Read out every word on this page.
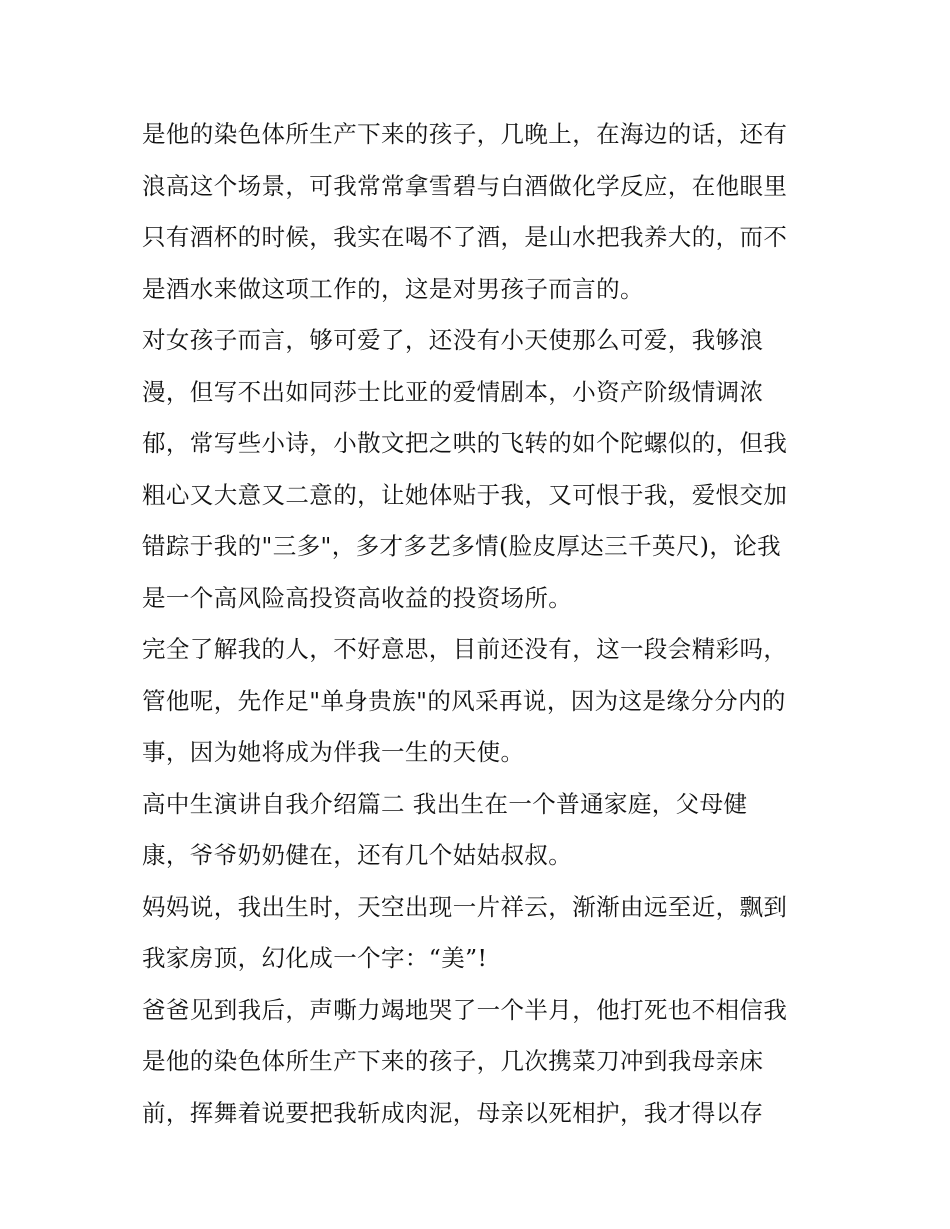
是他的染色体所生产下来的孩子，几晚上，在海边的话，还有
浪高这个场景，可我常常拿雪碧与白酒做化学反应，在他眼里
只有酒杯的时候，我实在喝不了酒，是山水把我养大的，而不
是酒水来做这项工作的，这是对男孩子而言的。
对女孩子而言，够可爱了，还没有小天使那么可爱，我够浪
漫，但写不出如同莎士比亚的爱情剧本，小资产阶级情调浓
郁，常写些小诗，小散文把之哄的飞转的如个陀螺似的，但我
粗心又大意又二意的，让她体贴于我，又可恨于我，爱恨交加
错踪于我的"三多"，多才多艺多情(脸皮厚达三千英尺)，论我
是一个高风险高投资高收益的投资场所。
完全了解我的人，不好意思，目前还没有，这一段会精彩吗，
管他呢，先作足"单身贵族"的风采再说，因为这是缘分分内的
事，因为她将成为伴我一生的天使。
高中生演讲自我介绍篇二 我出生在一个普通家庭，父母健
康，爷爷奶奶健在，还有几个姑姑叔叔。
妈妈说，我出生时，天空出现一片祥云，渐渐由远至近，飘到
我家房顶，幻化成一个字：“美”!
爸爸见到我后，声嘶力竭地哭了一个半月，他打死也不相信我
是他的染色体所生产下来的孩子，几次携菜刀冲到我母亲床
前，挥舞着说要把我斩成肉泥，母亲以死相护，我才得以存
